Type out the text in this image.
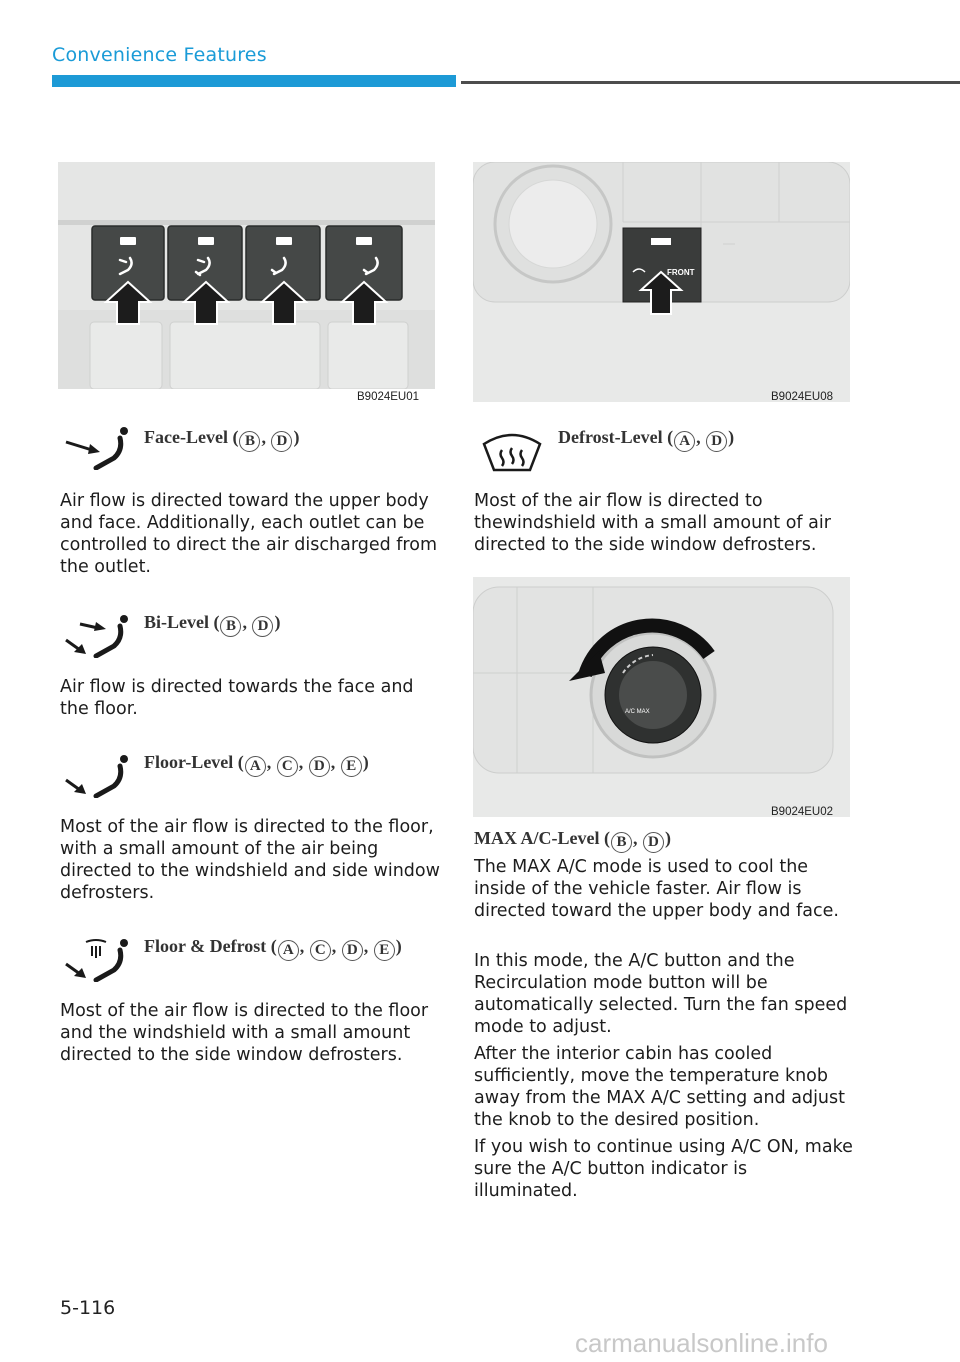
Convenience Features
B9024EU01
FRONT
B9024EU08
A/C MAX
B9024EU02
Face-Level ( B , D )

Air flow is directed toward the upper body and face. Additionally, each outlet can be controlled to direct the air discharged from the outlet.

Bi-Level ( B , D )

Air flow is directed towards the face and the floor.

Floor-Level ( A , C , D , E )

Most of the air flow is directed to the floor, with a small amount of the air being directed to the windshield and side window defrosters.

Floor & Defrost ( A , C , D , E )

Most of the air flow is directed to the floor and the windshield with a small amount directed to the side window defrosters.

Defrost-Level ( A , D )

Most of the air flow is directed to thewindshield with a small amount of air directed to the side window defrosters.

MAX A/C-Level ( B , D )

The MAX A/C mode is used to cool the inside of the vehicle faster. Air flow is directed toward the upper body and face.

In this mode, the A/C button and the Recirculation mode button will be automatically selected. Turn the fan speed mode to adjust.

After the interior cabin has cooled sufficiently, move the temperature knob away from the MAX A/C setting and adjust the knob to the desired position.

If you wish to continue using A/C ON, make sure the A/C button indicator is illuminated.

5-116
carmanualsonline.info
